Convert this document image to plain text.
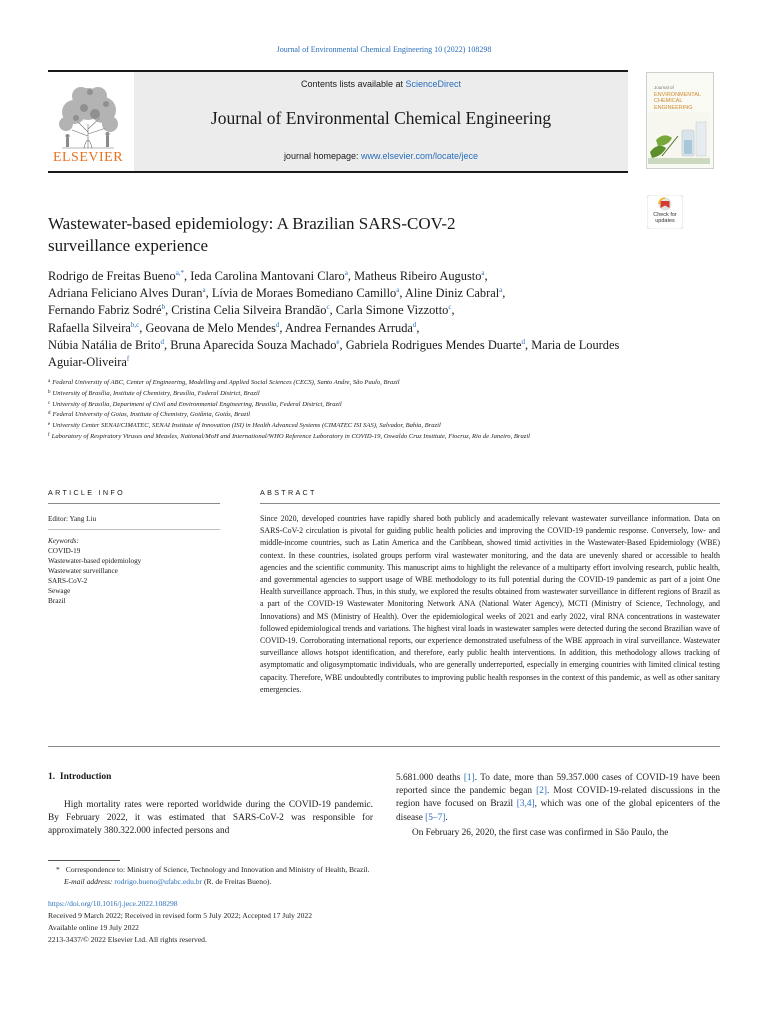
Journal of Environmental Chemical Engineering 10 (2022) 108298
ELSEVIER
Contents lists available at ScienceDirect
Journal of Environmental Chemical Engineering
journal homepage: www.elsevier.com/locate/jece
Journal of
ENVIRONMENTAL
CHEMICAL
ENGINEERING
Wastewater-based epidemiology: A Brazilian SARS-COV-2
surveillance experience
Check for
updates
Rodrigo de Freitas Bueno$^{a,*}$, Ieda Carolina Mantovani Claro$^a$, Matheus Ribeiro Augusto$^a$,
Adriana Feliciano Alves Duran$^a$, Lívia de Moraes Bomediano Camillo$^a$, Aline Diniz Cabral$^a$,
Fernando Fabriz Sodré$^b$, Cristina Celia Silveira Brandão$^c$, Carla Simone Vizzotto$^c$,
Rafaella Silveira$^{b,c}$, Geovana de Melo Mendes$^d$, Andrea Fernandes Arruda$^d$,
Núbia Natália de Brito$^d$, Bruna Aparecida Souza Machado$^e$, Gabriela Rodrigues Mendes Duarte$^d$, Maria de Lourdes Aguiar-Oliveira$^f$
$^a$ Federal University of ABC, Center of Engineering, Modelling and Applied Social Sciences (CECS), Santo Andre, São Paulo, Brazil
$^b$ University of Brasília, Institute of Chemistry, Brasília, Federal District, Brazil
$^c$ University of Brasilia, Department of Civil and Environmental Engineering, Brasilia, Federal District, Brazil
$^d$ Federal University of Goias, Institute of Chemistry, Goiânia, Goiás, Brazil
$^e$ University Center SENAI/CIMATEC, SENAI Institute of Innovation (ISI) in Health Advanced Systems (CIMATEC ISI SAS), Salvador, Bahia, Brazil
$^f$ Laboratory of Respiratory Viruses and Measles, National/MoH and International/WHO Reference Laboratory in COVID-19, Oswaldo Cruz Institute, Fiocruz, Rio de Janeiro, Brazil
ARTICLE INFO	ABSTRACT
Editor: Yang Liu
Keywords:
COVID-19
Wastewater-based epidemiology
Wastewater surveillance
SARS-CoV-2
Sewage
Brazil
Since 2020, developed countries have rapidly shared both publicly and academically relevant wastewater surveillance information. Data on SARS-CoV-2 circulation is pivotal for guiding public health policies and improving the COVID-19 pandemic response. Conversely, low- and middle-income countries, such as Latin America and the Caribbean, showed timid activities in the Wastewater-Based Epidemiology (WBE) context. In these countries, isolated groups perform viral wastewater monitoring, and the data are unevenly shared or accessible to health agencies and the scientific community. This manuscript aims to highlight the relevance of a multiparty effort involving research, public health, and governmental agencies to support usage of WBE methodology to its full potential during the COVID-19 pandemic as part of a joint One Health surveillance approach. Thus, in this study, we explored the results obtained from wastewater surveillance in different regions of Brazil as a part of the COVID-19 Wastewater Monitoring Network ANA (National Water Agency), MCTI (Ministry of Science, Technology, and Innovations) and MS (Ministry of Health). Over the epidemiological weeks of 2021 and early 2022, viral RNA concentrations in wastewater followed epidemiological trends and variations. The highest viral loads in wastewater samples were detected during the second Brazilian wave of COVID-19. Corroborating international reports, our experience demonstrated usefulness of the WBE approach in viral surveillance. Wastewater surveillance allows hotspot identification, and therefore, early public health interventions. In addition, this methodology allows tracking of asymptomatic and oligosymptomatic individuals, who are generally underreported, especially in emerging countries with limited clinical testing capacity. Therefore, WBE undoubtedly contributes to improving public health responses in the context of this pandemic, as well as other sanitary emergencies.
1. Introduction
High mortality rates were reported worldwide during the COVID-19 pandemic. By February 2022, it was estimated that SARS-CoV-2 was responsible for approximately 380.322.000 infected persons and
5.681.000 deaths [1]. To date, more than 59.357.000 cases of COVID-19 have been reported since the pandemic began [2]. Most COVID-19-related discussions in the region have focused on Brazil [3,4], which was one of the global epicenters of the disease [5–7].
On February 26, 2020, the first case was confirmed in São Paulo, the
* Correspondence to: Ministry of Science, Technology and Innovation and Ministry of Health, Brazil.
E-mail address: rodrigo.bueno@ufabc.edu.br (R. de Freitas Bueno).
https://doi.org/10.1016/j.jece.2022.108298
Received 9 March 2022; Received in revised form 5 July 2022; Accepted 17 July 2022
Available online 19 July 2022
2213-3437/© 2022 Elsevier Ltd. All rights reserved.
